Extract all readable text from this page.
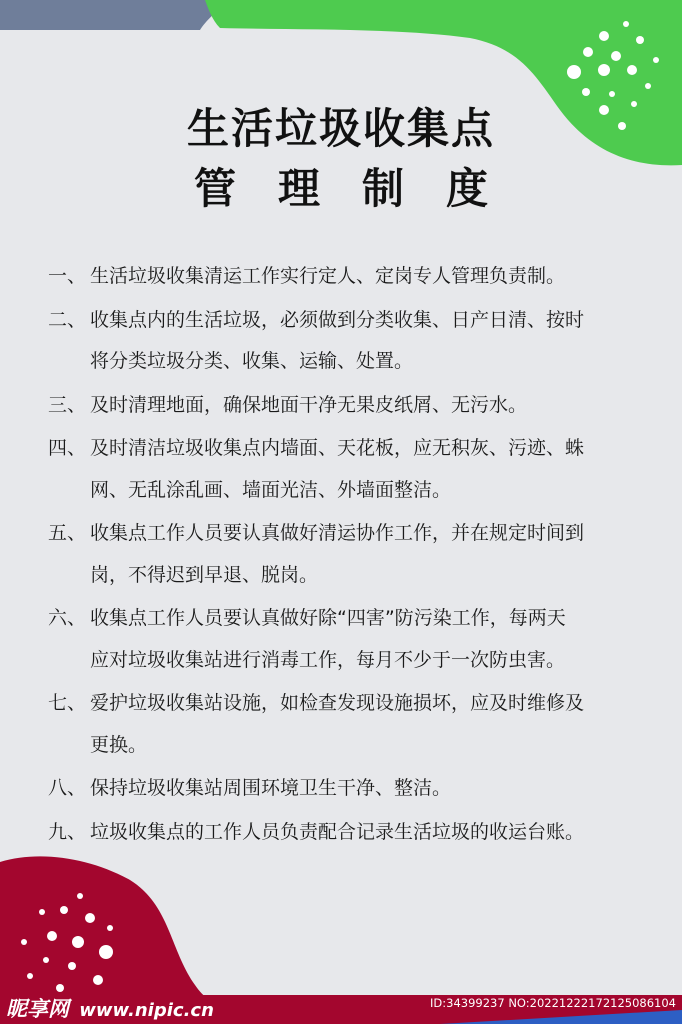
生活垃圾收集点
管理制度
一、 生活垃圾收集清运工作实行定人、定岗专人管理负责制。
二、 收集点内的生活垃圾，必须做到分类收集、日产日清、按时
将分类垃圾分类、收集、运输、处置。
三、 及时清理地面，确保地面干净无果皮纸屑、无污水。
四、 及时清洁垃圾收集点内墙面、天花板，应无积灰、污迹、蛛
网、无乱涂乱画、墙面光洁、外墙面整洁。
五、 收集点工作人员要认真做好清运协作工作，并在规定时间到
岗，不得迟到早退、脱岗。
六、 收集点工作人员要认真做好除“四害”防污染工作，每两天
应对垃圾收集站进行消毒工作，每月不少于一次防虫害。
七、 爱护垃圾收集站设施，如检查发现设施损坏，应及时维修及
更换。
八、 保持垃圾收集站周围环境卫生干净、整洁。
九、 垃圾收集点的工作人员负责配合记录生活垃圾的收运台账。
昵享网 www.nipic.cn	ID:34399237 NO:20221222172125086104
